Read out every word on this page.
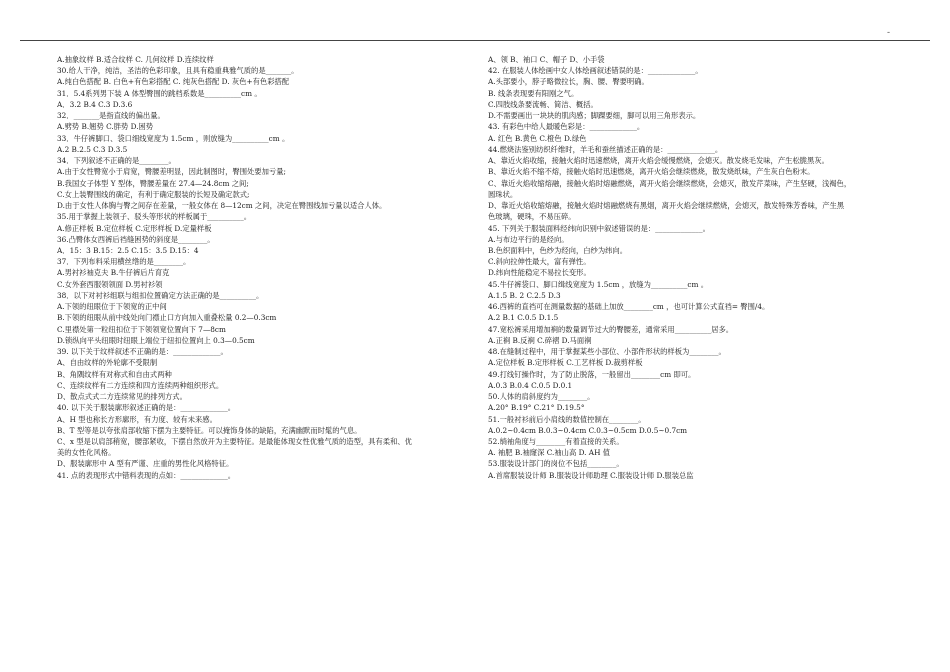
-
A.抽象纹样 B.适合纹样 C. 几何纹样 D.连续纹样
30.给人干净，纯洁，圣洁的色彩印象，且具有稳重典雅气质的是_______。
A.纯白色搭配 B. 白色+有色彩搭配 C. 纯灰色搭配 D. 灰色+有色彩搭配
31．5.4系列男下装 A 体型臀围的跳档系数是__________cm 。
A．3.2 B.4 C.3 D.3.6
32．_______是指直线的偏出量。
A.劈势 B.翘势 C.胖势 D.困势
33．牛仔裤脚口、袋口细线宽度为 1.5cm ，则放缝为__________cm 。
A.2 B.2.5 C.3 D.3.5
34．下列叙述不正确的是________。
A.由于女性臀宽小于肩宽，臀腰差明显，因此制图时，臀围处要加亏量;
B.我国女子体型 Y 型体，臀腰差量在 27.4—24.8cm 之间;
C.女上装臀围线的确定，有利于确定服装的长短及确定款式;
D.由于女性人体胸与臀之间存在差量，一般女体在 8—12cm 之间，决定在臀围线加亏量以适合人体。
35.用于掌握上装领子、驳头等形状的样板属于__________。
A.修正样板 B.定位样板 C.定形样板 D.定量样板
36.凸臀体女西裤后裆缝困势的斜度是________。
A．15：3 B.15：2.5 C.15：3.5 D.15：4
37．下列布料采用横丝绺的是________。
A.男衬衫袖克夫 B.牛仔裤后片育克
C.女外套西服领领面 D.男衬衫领
38．以下对衬衫组联与组扣位置确定方法正确的是__________。
A.下领的纽眼位于下领宽的正中间
B.下领的纽眼从前中线处向门襟止口方向加入重叠松量 0.2—0.3cm
C.里襟处第一粒纽扣位于下领领宽位置向下 7—8cm
D.锁纵向平头纽眼时纽眼上端位于纽扣位置向上 0.3—0.5cm
39. 以下关于纹样叙述不正确的是：_____________。
A、自由纹样的外轮廓不受限制
B、角隅纹样有对称式和自由式两种
C、连续纹样有二方连续和四方连续两种组织形式。
D、散点式式二方连续常见的排列方式。
40. 以下关于服装廓形叙述正确的是：_____________。
A、H 型也称长方形廓形，有力度、较有未来感。
B、T 型等是以夸张肩部收缩下摆为主要特征。可以掩饰身体的缺陷，充满幽默而时髦的气息。
C、x 型是以肩部稍宽，腰部紧收，下摆自然放开为主要特征。是最能体现女性优雅气质的造型，具有柔和、优
美的女性化风格。
D、服装廓形中 A 型有严谨、庄重的男性化风格特征。
41. 点的表现形式中错料表现的点如：_____________。
A、领 B、袖口 C、帽子 D、小手袋
42. 在服装人体绘画中女人体绘画叙述错误的是：_____________。
A.头部要小，脖子略微拉长，胸、腰、臀要明确。
B. 线条表现要有阳刚之气。
C.四肢线条要流畅、简洁、概括。
D.不需要画出一块块的肌肉感；脚踝要细，脚可以用三角形表示。
43. 有彩色中给人最暖色彩是：_____________。
A. 红色 B.黄色 C.橙色 D.绿色
44.燃烧法鉴别纺织纤维时，羊毛和蚕丝描述正确的是：_____________。
A、靠近火焰收缩，接触火焰时迅速燃烧，离开火焰会缓慢燃烧，会熄灭。散发烧毛发味，产生松脆黑灰。
B、靠近火焰不缩不熔，接触火焰时迅速燃烧，离开火焰会继续燃烧，散发烧纸味，产生灰白色粉末。
C、靠近火焰收缩熔融，接触火焰时熔融燃烧，离开火焰会继续燃烧，会熄灭，散发芹菜味，产生坚硬，浅褐色，
圆珠状。
D、靠近火焰收缩熔融，接触火焰时熔融燃烧有黑烟，离开火焰会继续燃烧，会熄灭，散发特殊芳香味，产生黑
色玻璃，硬珠，不易压碎。
45. 下列关于服装面料经纬向识别中叙述错误的是：_____________。
A.与布边平行的是经向。
B.色织面料中，色纱为经向，白纱为纬向。
C.斜向拉伸性最大，富有弹性。
D.纬向性能稳定不易拉长变形。
45.牛仔裤袋口、脚口缉线宽度为 1.5cm ，放缝为__________cm 。
A.1.5 B. 2 C.2.5 D.3
46.西裤的直裆可在测量数据的基础上加放________cm ，也可计算公式直裆= 臀围/4。
A.2 B.1 C.0.5 D.1.5
47.宽松裤采用增加裥的数量调节过大的臀腰差，通常采用__________居多。
A.正裥 B.反裥 C.碎褶 D.马面裥
48.在缝制过程中，用于掌握某些小部位、小部件形状的样板为________。
A.定位样板 B.定形样板 C.工艺样板 D.裁剪样板
49.打线钉操作时，为了防止脱落，一般留出________cm 即可。
A.0.3 B.0.4 C.0.5 D.0.1
50.人体的肩斜度约为________。
A.20° B.19° C.21° D.19.5°
51.一般衬衫前后小肩线的数值控制在________。
A.0.2~0.4cm B.0.3~0.4cm C.0.3~0.5cm D.0.5~0.7cm
52.绱袖角度与________有着直接的关系。
A. 袖肥 B.袖窿深 C.袖山高 D. AH 值
53.服装设计部门的岗位不包括________。
A.首席服装设计师 B.服装设计师助理 C.服装设计师 D.服装总监
